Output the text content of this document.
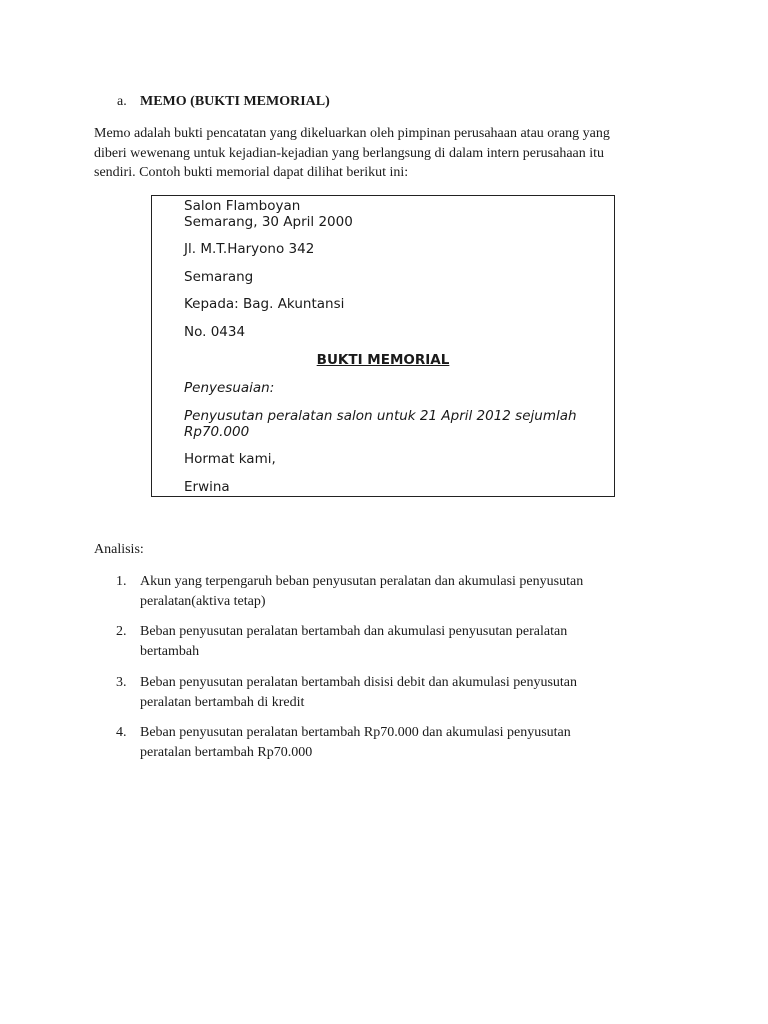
a. MEMO (BUKTI MEMORIAL)
Memo adalah bukti pencatatan yang dikeluarkan oleh pimpinan perusahaan atau orang yang
diberi wewenang untuk kejadian-kejadian yang berlangsung di dalam intern perusahaan itu
sendiri. Contoh bukti memorial dapat dilihat berikut ini:
Salon Flamboyan
Semarang, 30 April 2000
Jl. M.T.Haryono 342
Semarang
Kepada: Bag. Akuntansi
No. 0434
BUKTI MEMORIAL
Penyesuaian:
Penyusutan peralatan salon untuk 21 April 2012 sejumlah
Rp70.000
Hormat kami,
Erwina
Analisis:
1. Akun yang terpengaruh beban penyusutan peralatan dan akumulasi penyusutan
peralatan(aktiva tetap)
2. Beban penyusutan peralatan bertambah dan akumulasi penyusutan peralatan
bertambah
3. Beban penyusutan peralatan bertambah disisi debit dan akumulasi penyusutan
peralatan bertambah di kredit
4. Beban penyusutan peralatan bertambah Rp70.000 dan akumulasi penyusutan
peratalan bertambah Rp70.000
